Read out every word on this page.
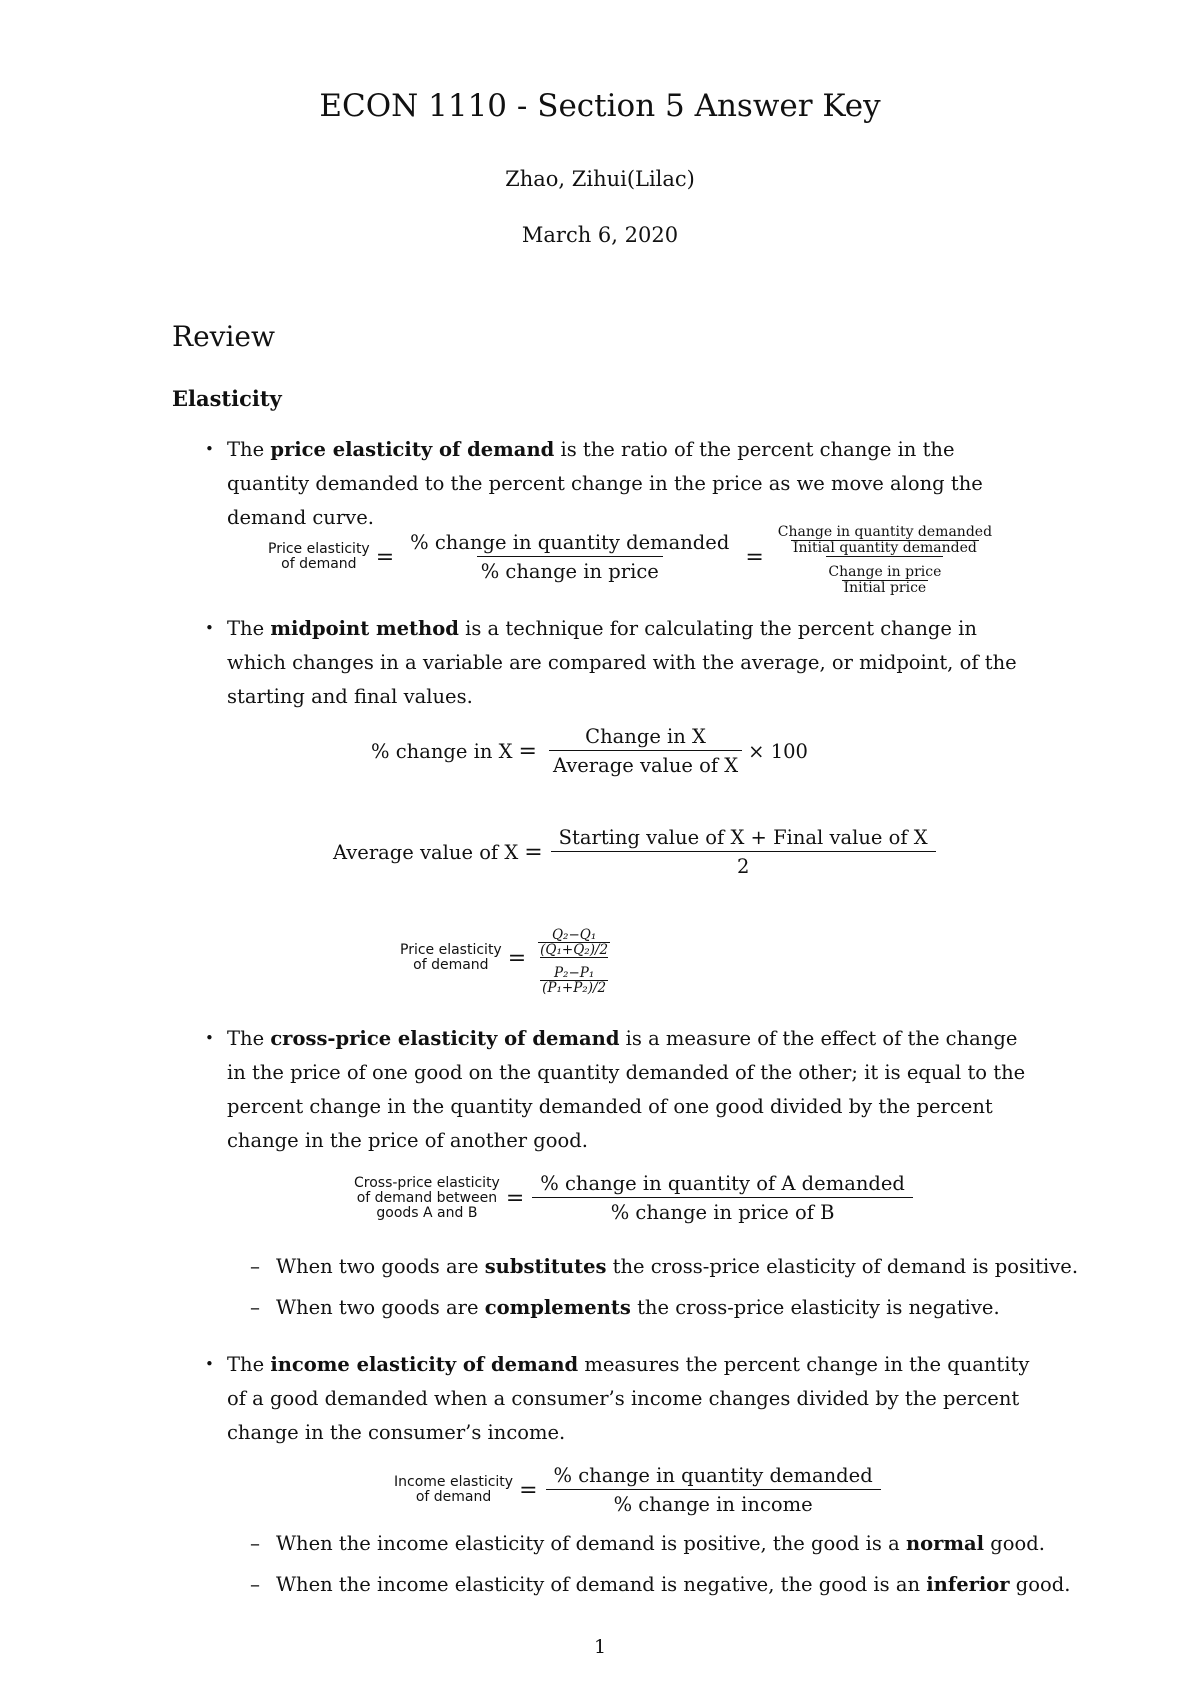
ECON 1110 - Section 5 Answer Key
Zhao, Zihui(Lilac)
March 6, 2020
Review
Elasticity
• The price elasticity of demand is the ratio of the percent change in the quantity demanded to the percent change in the price as we move along the demand curve.
Price elasticity
of demand = $\frac{\text{\% change in quantity demanded}}{\text{\% change in price}}$ =
$\frac{\text{Change in quantity demanded}}{\text{Initial quantity demanded}}$
$\frac{\text{Change in price}}{\text{Initial price}}$
• The midpoint method is a technique for calculating the percent change in which changes in a variable are compared with the average, or midpoint, of the starting and final values.
% change in $X = \frac{\text{Change in X}}{\text{Average value of X}} \times 100$
Average value of $X = \frac{\text{Starting value of X + Final value of X}}{2}$
Price elasticity
of demand = $\frac{\frac{\text{Q₂−Q₁}}{\text{(Q₁+Q₂)/2}}}{\frac{\text{P₂−P₁}}{\text{(P₁+P₂)/2}}}$
• The cross-price elasticity of demand is a measure of the effect of the change in the price of one good on the quantity demanded of the other; it is equal to the percent change in the quantity demanded of one good divided by the percent change in the price of another good.
Cross-price elasticity
of demand between
goods A and B
= $\frac{\text{\% change in quantity of A demanded}}{\text{\% change in price of B}}$
– When two goods are substitutes the cross-price elasticity of demand is positive.
– When two goods are complements the cross-price elasticity is negative.
• The income elasticity of demand measures the percent change in the quantity of a good demanded when a consumer’s income changes divided by the percent change in the consumer’s income.
Income elasticity
of demand	= $\frac{\text{\% change in quantity demanded}}{\text{\% change in income}}$
– When the income elasticity of demand is positive, the good is a normal good.
– When the income elasticity of demand is negative, the good is an inferior good.
1
